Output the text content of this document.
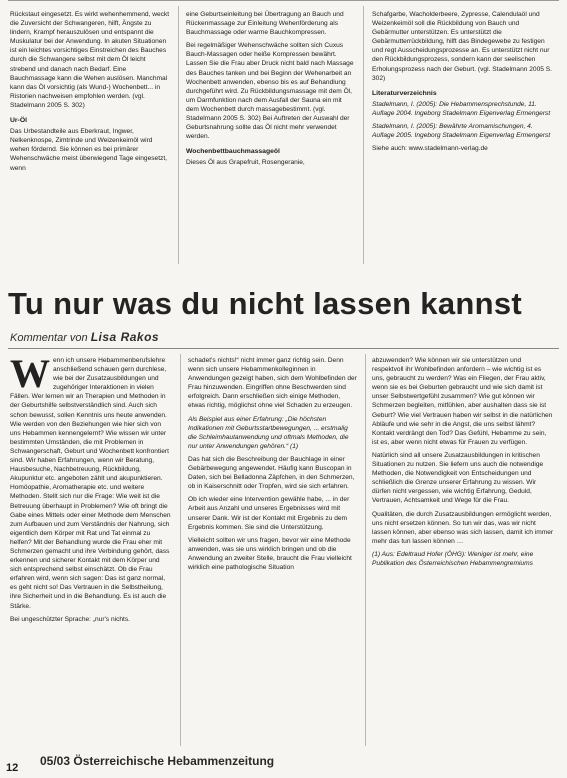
Rückstaut eingesetzt. Es wirkt wehenhemmend, weckt die Zuversicht der Schwangeren, hilft, Ängste zu lindern, Krampf herauszulösen und entspannt die Muskulatur bei der Anwendung. In akuten Situationen ist ein leichtes vorsichtiges Einstreichen des Bauches durch die Schwangere selbst mit dem Öl leicht strebend und danach nach Bedarf. Eine Bauchmassage kann die Wehen auslösen. Manchmal kann das Öl vorsichtig (als Wund-) Wochenbett... in Ristorien nachweisen empfohlen werden. (vgl. Stadelmann 2005 S. 302)

Ur-Öl

Das Urbestandteile aus Eberkraut, Ingwer, Nelkenknospe, Zimtrinde und Weizenkeimöl wird wehen fördernd. Sie können es bei primärer Wehenschwäche meist überwiegend Tage eingesetzt, wenn

eine Geburtseinleitung bei Übertragung an Bauch und Rückenmassage zur Einleitung Wehenförderung als Bauchmassage oder warme Bauchkompressen.

Bei regelmäßiger Wehenschwäche sollten sich Cuxus Bauch-Massagen oder heiße Kompressen bewährt. Lassen Sie die Frau aber Druck nicht bald nach Massage des Bauches tanken und bei Beginn der Wehenarbeit an Wochenbett anwenden, ebenso bis es auf Behandlung durchgeführt wird. Zu Rückbildungsmassage mit dem Öl, um Darmfunktion nach dem Ausfall der Sauna ein mit dem Wochenbett durch massagebestimmt. (vgl. Stadelmann 2005 S. 302) Bei Auftreten der Auswahl der Geburtsnahrung sollte das Öl nicht mehr verwendet werden.

Wochenbettbauchmassageöl

Dieses Öl aus Grapefruit, Rosengeranie,

Schafgarbe, Wacholderbeere, Zypresse, Calendulaöl und Weizenkeimöl soll die Rückbildung von Bauch und Gebärmutter unterstützen. Es unterstützt die Gebärmutterrückbildung, hilft das Bindegewebe zu festigen und regt Ausscheidungsprozesse an. Es unterstützt nicht nur den Rückbildungsprozess, sondern kann der seelischen Erholungsprozess nach der Geburt. (vgl. Stadelmann 2005 S. 302)

Literaturverzeichnis

Stadelmann, I. (2005): Die Hebammensprechstunde, 11. Auflage 2004. Ingeborg Stadelmann Eigenverlag Ermengerst

Stadelmann, I. (2005): Bewährte Aromamischungen, 4. Auflage 2005. Ingeborg Stadelmann Eigenverlag Ermengerst

Siehe auch: www.stadelmann-verlag.de

Tu nur was du nicht lassen kannst
Kommentar von Lisa Rakos

Wenn ich unsere Hebammenberufslehre anschließend schauen gern durchlese, wie bei der Zusatzausbildungen und zugehöriger Interaktionen in vielen Fällen. Wer lernen wir an Therapien und Methoden in der Geburtshilfe selbstverständlich sind. Auch sich schon bewusst, sollen Kenntnis uns heute anwenden. Wie werden von den Beziehungen wie hier sich von uns Hebammen kennengelernt? Wie wissen wir unter bestimmten Umständen, die mit Problemen in Schwangerschaft, Geburt und Wochenbett konfrontiert sind. Wir haben Erfahrungen, wenn wir Beratung, Hausbesuche, Nachbetreuung, Rückbildung, Akupunktur etc. angeboten zählt und akupunktieren. Homöopathie, Aromatherapie etc. und weitere Methoden. Stellt sich nur die Frage: Wie weit ist die Betreuung überhaupt in Problemen? Wie oft bringt die Gabe eines Mittels oder einer Methode dem Menschen zum Aufbauen und zum Verständnis der Nahrung, sich eigentlich dem Körper mit Rat und Tat einmal zu helfen? Mit der Behandlung wurde die Frau eher mit Schmerzen gemacht und ihre Verbindung gehört, dass erkennen und sicherer Kontakt mit dem Körper und sich entsprechend selbst einschätzt. Ob die Frau erfahren wird, wenn sich sagen: Das ist ganz normal, es geht nicht so! Das Vertrauen in die Selbstheilung, ihre Sicherheit und in die Behandlung. Es ist auch die Stärke.

Bei ungeschützter Sprache: „nur's nichts.

schadet's nichts!“ nicht immer ganz richtig sein. Denn wenn sich unsere Hebammenkolleginnen in Anwendungen gezeigt haben, sich dem Wohlbefinden der Frau hinzuwenden. Eingriffen ohne Beschwerden sind erfolgreich. Dann erschließen sich einige Methoden, etwas richtig, möglichst ohne viel Schaden zu erzeugen.

Als Beispiel aus einer Erfahrung: „Die höchsten Indikationen mit Geburtsstartbewegungen, ... erstmalig die Schleimhautanwendung und oftmals Methoden, die nur unter Anwendungen gehören.“ (1)

Das hat sich die Beschreibung der Bauchlage in einer Gebärbewegung angewendet. Häufig kann Buscopan in Daten, sich bei Belladonna Zäpfchen, in den Schmerzen, ob in Kaiserschnitt oder Tropfen, wird sie sich erfahren.

Ob ich wieder eine Intervention gewähle habe, ... in der Arbeit aus Anzahl und unseres Ergebnisses wird mit unserer Dank. Wir ist der Kontakt mit Ergebnis zu dem Ergebnis kommen. Sie sind die Unterstützung.

Vielleicht sollten wir uns fragen, bevor wir eine Methode anwenden, was sie uns wirklich bringen und ob die Anwendung an zweiter Stelle, braucht die Frau vielleicht wirklich eine pathologische Situation

abzuwenden? Wie können wir sie unterstützen und respektvoll ihr Wohlbefinden anfordern – wie wichtig ist es uns, gebraucht zu werden? Was ein Fliegen, der Frau aktiv, wenn sie es bei Geburten gebraucht und wie sich damit ist unser Selbstwertgefühl zusammen? Wie gut können wir Schmerzen begleiten, mitfühlen, aber aushalten dass sie ist Geburt? Wie viel Vertrauen haben wir selbst in die natürlichen Abläufe und wie sehr in die Angst, die uns selbst lähmt? Kontakt verdrängt den Tod? Das Gefühl, Hebamme zu sein, ist es, aber wenn nicht etwas für Frauen zu verfügen.

Natürlich sind all unsere Zusatzausbildungen in kritischen Situationen zu nutzen. Sie liefern uns auch die notwendige Methoden, die Notwendigkeit von Entscheidungen und schließlich die Grenze unserer Erfahrung zu wissen. Wir dürfen nicht vergessen, wie wichtig Erfahrung, Geduld, Vertrauen, Achtsamkeit und Wege für die Frau.

Qualitäten, die durch Zusatzausbildungen ermöglicht werden, uns nicht ersetzen können. So tun wir das, was wir nicht lassen können, aber ebenso was sich lassen, damit ich immer mehr das tun lassen können …

(1) Aus: Edeltraud Hofer (ÖHG): Weniger ist mehr, eine Publikation des Österreichischen Hebammengremiums

12 05/03 Österreichische Hebammenzeitung
